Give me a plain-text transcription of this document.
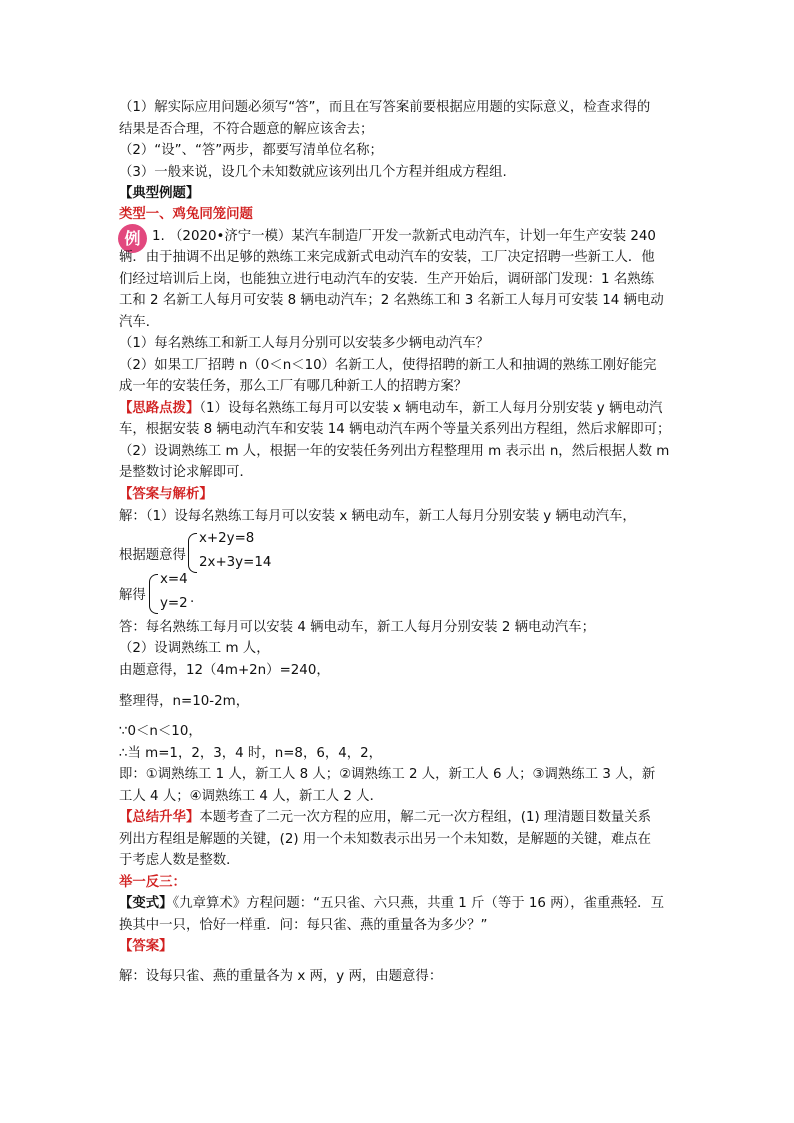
（1）解实际应用问题必须写“答”，而且在写答案前要根据应用题的实际意义，检查求得的
结果是否合理，不符合题意的解应该舍去；
（2）“设”、“答”两步，都要写清单位名称；
（3）一般来说，设几个未知数就应该列出几个方程并组成方程组.
【典型例题】
类型一、鸡兔同笼问题
例 1. （2020•济宁一模）某汽车制造厂开发一款新式电动汽车，计划一年生产安装 240
辆．由于抽调不出足够的熟练工来完成新式电动汽车的安装，工厂决定招聘一些新工人．他
们经过培训后上岗，也能独立进行电动汽车的安装．生产开始后，调研部门发现：1 名熟练
工和 2 名新工人每月可安装 8 辆电动汽车；2 名熟练工和 3 名新工人每月可安装 14 辆电动
汽车．
（1）每名熟练工和新工人每月分别可以安装多少辆电动汽车？
（2）如果工厂招聘 n（0＜n＜10）名新工人，使得招聘的新工人和抽调的熟练工刚好能完
成一年的安装任务，那么工厂有哪几种新工人的招聘方案？
【思路点拨】（1）设每名熟练工每月可以安装 x 辆电动车，新工人每月分别安装 y 辆电动汽
车，根据安装 8 辆电动汽车和安装 14 辆电动汽车两个等量关系列出方程组，然后求解即可；
（2）设调熟练工 m 人，根据一年的安装任务列出方程整理用 m 表示出 n，然后根据人数 m
是整数讨论求解即可．
【答案与解析】
解：（1）设每名熟练工每月可以安装 x 辆电动车，新工人每月分别安装 y 辆电动汽车，
根据题意得
x+2y=8
2x+3y=14
，
解得
x=4
y=2 .
答：每名熟练工每月可以安装 4 辆电动车，新工人每月分别安装 2 辆电动汽车；
（2）设调熟练工 m 人，
由题意得，12（4m+2n）=240，
整理得，n=10-2m，
∵0＜n＜10，
∴当 m=1，2，3，4 时，n=8，6，4，2，
即：①调熟练工 1 人，新工人 8 人；②调熟练工 2 人，新工人 6 人；③调熟练工 3 人，新
工人 4 人；④调熟练工 4 人，新工人 2 人．
【总结升华】本题考查了二元一次方程的应用，解二元一次方程组，(1) 理清题目数量关系
列出方程组是解题的关键，(2) 用一个未知数表示出另一个未知数，是解题的关键，难点在
于考虑人数是整数．
举一反三：
【变式】《九章算术》方程问题：“五只雀、六只燕，共重 1 斤（等于 16 两），雀重燕轻．互
换其中一只，恰好一样重．问：每只雀、燕的重量各为多少？”
【答案】
解：设每只雀、燕的重量各为 x 两，y 两，由题意得：
